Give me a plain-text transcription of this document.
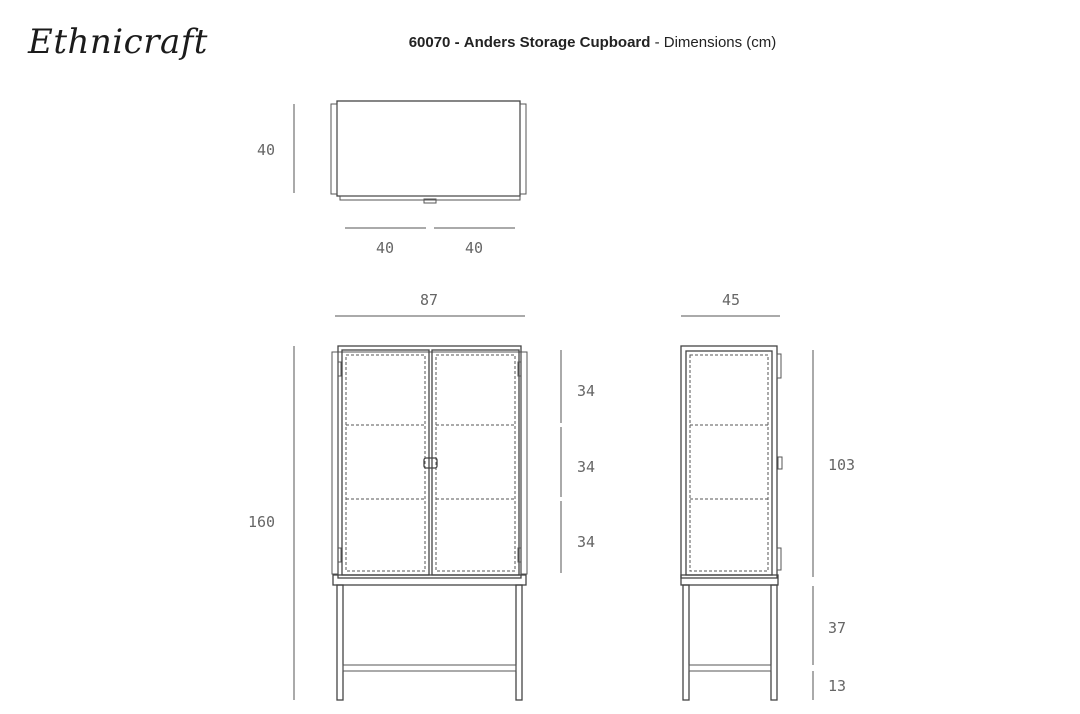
Ethnicraft	60070 - Anders Storage Cupboard - Dimensions (cm)
40
40	40
87
160
34
34
34
45
103
37
13
